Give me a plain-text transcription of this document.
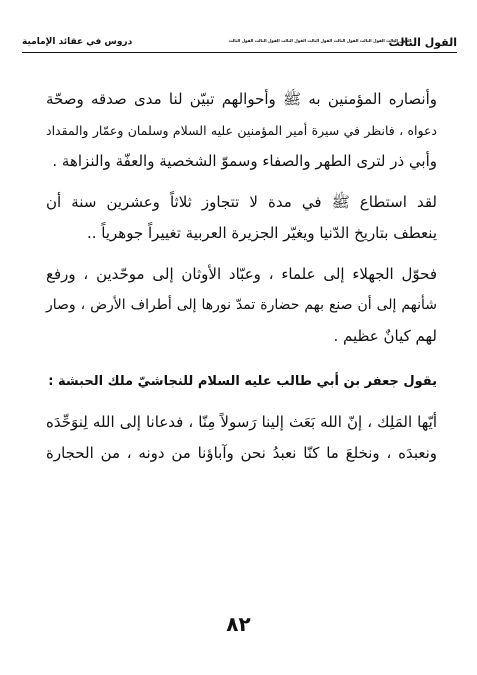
القول الثالث
القول الثالث القول الثالث القول الثالث القول الثالث القول الثالث القول الثالث القول الثالث
دروس في عقائد الإمامية
وأنصاره المؤمنين به ﷺ وأحوالهم تبيّن لنا مدى صدقه وصحّة
دعواه ، فانظر في سيرة أمير المؤمنين عليه السلام وسلمان وعمّار والمقداد
وأبي ذر لترى الطهر والصفاء وسموّ الشخصية والعفّة والنزاهة .
لقد استطاع ﷺ في مدة لا تتجاوز ثلاثاً وعشرين سنة أن
ينعطف بتاريخ الدّنيا ويغيّر الجزيرة العربية تغييراً جوهرياً ..
فحوّل الجهلاء إلى علماء ، وعبّاد الأوثان إلى موحّدين ، ورفع
شأنهم إلى أن صنع بهم حضارة تمدّ نورها إلى أطراف الأرض ، وصار
لهم كيانٌ عظيم .
يقول جعفر بن أبي طالب عليه السلام للنجاشيّ ملك الحبشة :
أيّها المَلِك ، إنّ الله بَعَث إلينا رَسولاً مِنّا ، فدعانا إلى الله لِنوَحِّدَه
ونعبدَه ، ونخلعَ ما كنّا نعبدُ نحن وآباؤنا من دونه ، من الحجارة
٨٢
